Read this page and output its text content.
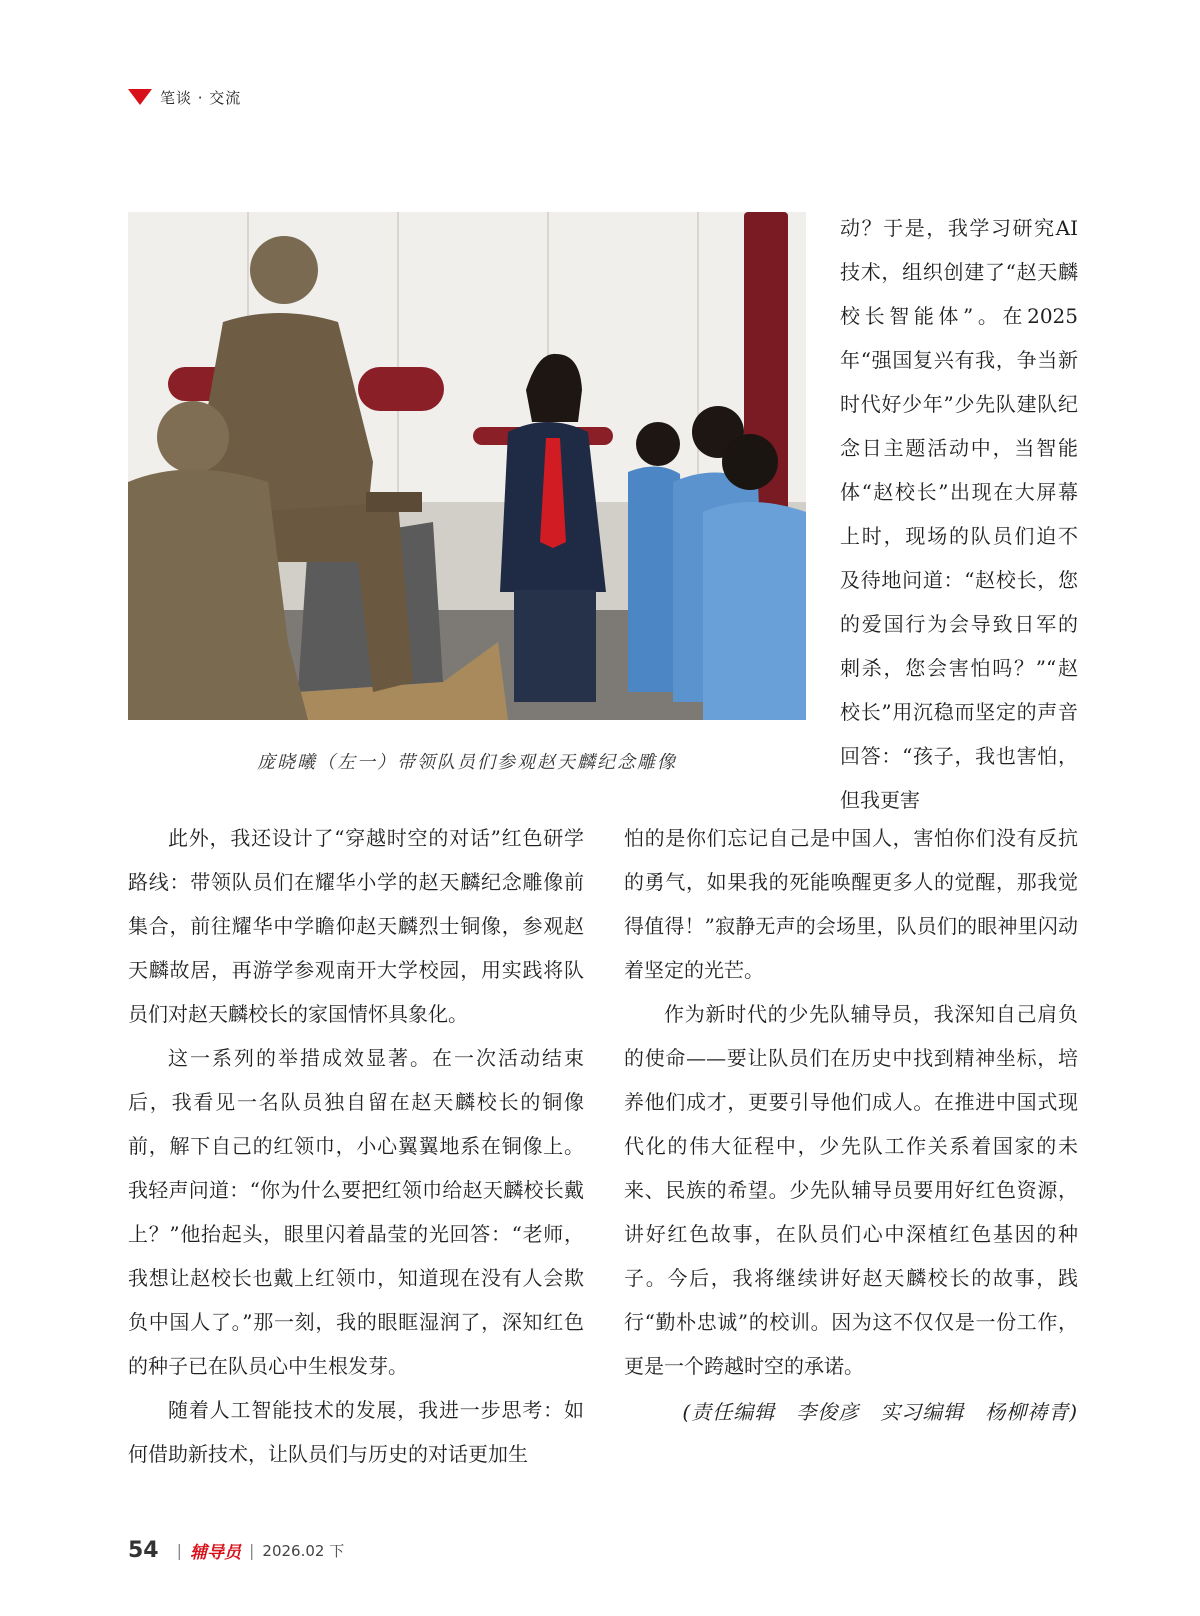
笔谈 · 交流
庞晓曦（左一）带领队员们参观赵天麟纪念雕像

动？于是，我学习研究AI技术，组织创建了“赵天麟校长智能体”。在2025年“强国复兴有我，争当新时代好少年”少先队建队纪念日主题活动中，当智能体“赵校长”出现在大屏幕上时，现场的队员们迫不及待地问道：“赵校长，您的爱国行为会导致日军的刺杀，您会害怕吗？”“赵校长”用沉稳而坚定的声音回答：“孩子，我也害怕，但我更害

此外，我还设计了“穿越时空的对话”红色研学路线：带领队员们在耀华小学的赵天麟纪念雕像前集合，前往耀华中学瞻仰赵天麟烈士铜像，参观赵天麟故居，再游学参观南开大学校园，用实践将队员们对赵天麟校长的家国情怀具象化。

这一系列的举措成效显著。在一次活动结束后，我看见一名队员独自留在赵天麟校长的铜像前，解下自己的红领巾，小心翼翼地系在铜像上。我轻声问道：“你为什么要把红领巾给赵天麟校长戴上？”他抬起头，眼里闪着晶莹的光回答：“老师，我想让赵校长也戴上红领巾，知道现在没有人会欺负中国人了。”那一刻，我的眼眶湿润了，深知红色的种子已在队员心中生根发芽。

随着人工智能技术的发展，我进一步思考：如何借助新技术，让队员们与历史的对话更加生

怕的是你们忘记自己是中国人，害怕你们没有反抗的勇气，如果我的死能唤醒更多人的觉醒，那我觉得值得！”寂静无声的会场里，队员们的眼神里闪动着坚定的光芒。

作为新时代的少先队辅导员，我深知自己肩负的使命——要让队员们在历史中找到精神坐标，培养他们成才，更要引导他们成人。在推进中国式现代化的伟大征程中，少先队工作关系着国家的未来、民族的希望。少先队辅导员要用好红色资源，讲好红色故事，在队员们心中深植红色基因的种子。今后，我将继续讲好赵天麟校长的故事，践行“勤朴忠诚”的校训。因为这不仅仅是一份工作，更是一个跨越时空的承诺。

(责任编辑　李俊彦　实习编辑　杨柳祷青)

54 | 辅导员 | 2026.02 下
